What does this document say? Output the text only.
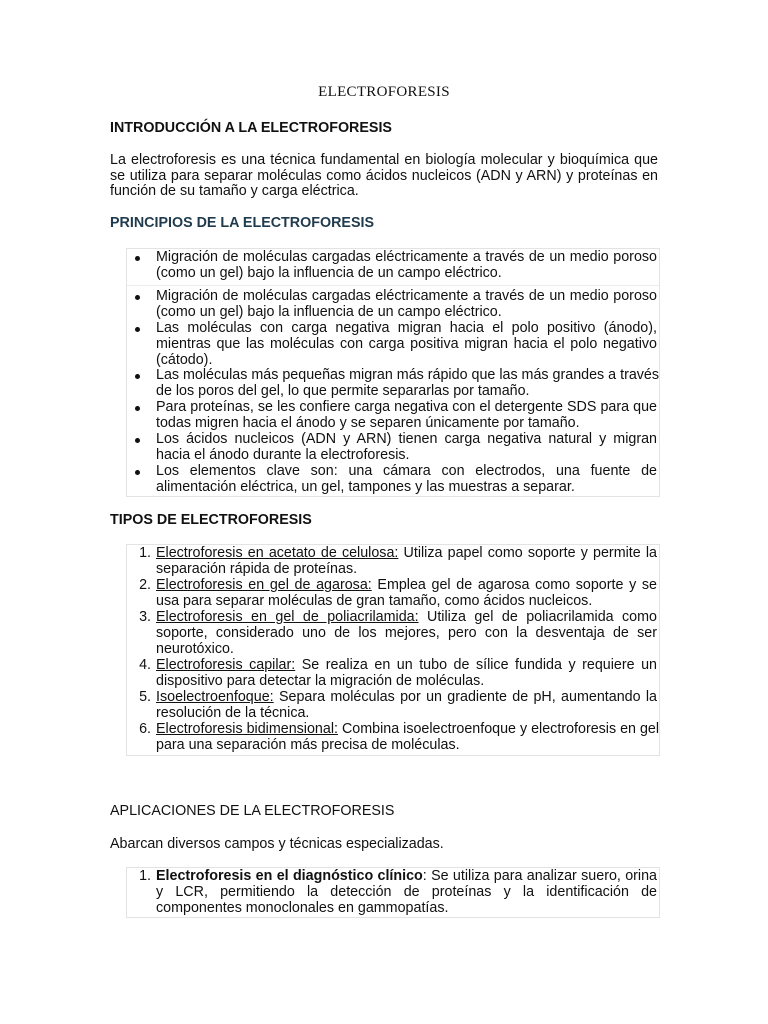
ELECTROFORESIS
INTRODUCCIÓN A LA ELECTROFORESIS
La electroforesis es una técnica fundamental en biología molecular y bioquímica que
se utiliza para separar moléculas como ácidos nucleicos (ADN y ARN) y proteínas en
función de su tamaño y carga eléctrica.
PRINCIPIOS DE LA ELECTROFORESIS
Migración de moléculas cargadas eléctricamente a través de un medio poroso
(como un gel) bajo la influencia de un campo eléctrico.
Migración de moléculas cargadas eléctricamente a través de un medio poroso
(como un gel) bajo la influencia de un campo eléctrico.
Las moléculas con carga negativa migran hacia el polo positivo (ánodo),
mientras que las moléculas con carga positiva migran hacia el polo negativo
(cátodo).
Las moléculas más pequeñas migran más rápido que las más grandes a través
de los poros del gel, lo que permite separarlas por tamaño.
Para proteínas, se les confiere carga negativa con el detergente SDS para que
todas migren hacia el ánodo y se separen únicamente por tamaño.
Los ácidos nucleicos (ADN y ARN) tienen carga negativa natural y migran
hacia el ánodo durante la electroforesis.
Los elementos clave son: una cámara con electrodos, una fuente de
alimentación eléctrica, un gel, tampones y las muestras a separar.
TIPOS DE ELECTROFORESIS
1. Electroforesis en acetato de celulosa: Utiliza papel como soporte y permite la
separación rápida de proteínas.
2. Electroforesis en gel de agarosa: Emplea gel de agarosa como soporte y se
usa para separar moléculas de gran tamaño, como ácidos nucleicos.
3. Electroforesis en gel de poliacrilamida: Utiliza gel de poliacrilamida como
soporte, considerado uno de los mejores, pero con la desventaja de ser
neurotóxico.
4. Electroforesis capilar: Se realiza en un tubo de sílice fundida y requiere un
dispositivo para detectar la migración de moléculas.
5. Isoelectroenfoque: Separa moléculas por un gradiente de pH, aumentando la
resolución de la técnica.
6. Electroforesis bidimensional: Combina isoelectroenfoque y electroforesis en gel
para una separación más precisa de moléculas.
APLICACIONES DE LA ELECTROFORESIS
Abarcan diversos campos y técnicas especializadas.
1. Electroforesis en el diagnóstico clínico: Se utiliza para analizar suero, orina
y LCR, permitiendo la detección de proteínas y la identificación de
componentes monoclonales en gammopatías.
